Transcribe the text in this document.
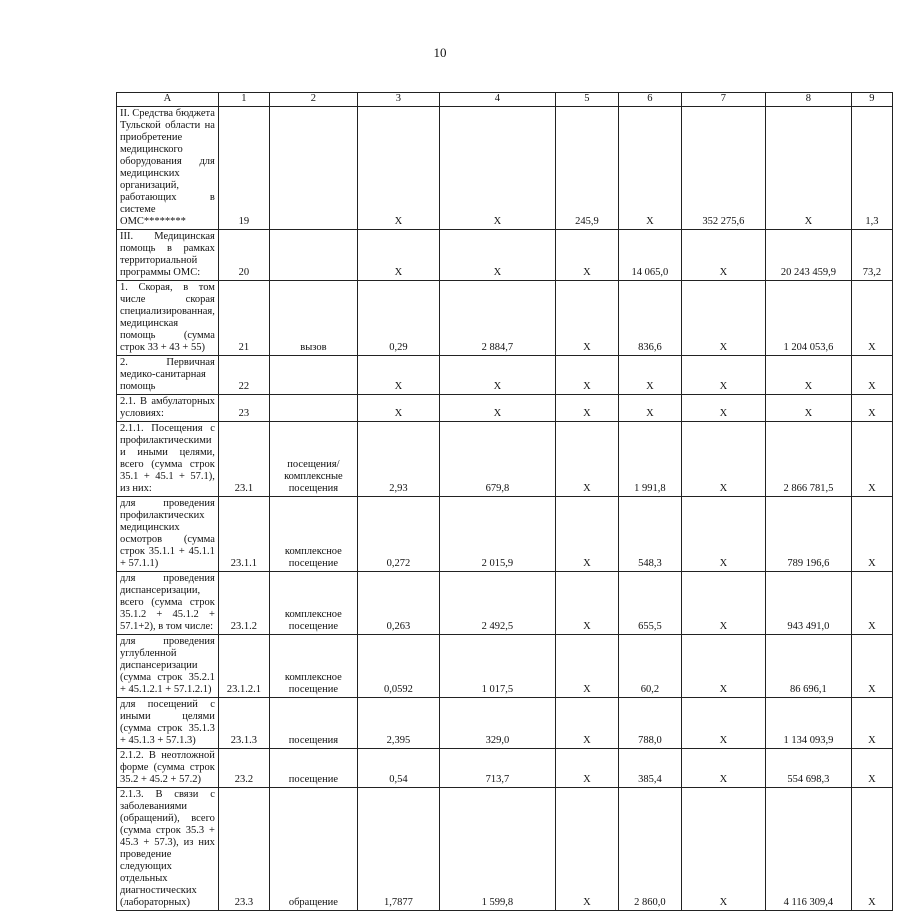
10
А	1	2	3	4	5	6	7	8	9
II. Средства бюджета Тульской области на приобретение медицинского оборудования для медицинских организаций, работающих в системе ОМС********	19		Х	Х	245,9	Х	352 275,6	Х	1,3
III. Медицинская помощь в рамках территориальной программы ОМС:	20		Х	Х	Х	14 065,0	Х	20 243 459,9	73,2
1. Скорая, в том числе скорая специализированная, медицинская помощь (сумма строк 33 + 43 + 55)	21	вызов	0,29	2 884,7	Х	836,6	Х	1 204 053,6	Х
2. Первичная медико-санитарная помощь	22		Х	Х	Х	Х	Х	Х	Х
2.1. В амбулаторных условиях:	23		Х	Х	Х	Х	Х	Х	Х
2.1.1. Посещения с профилактическими и иными целями, всего (сумма строк 35.1 + 45.1 + 57.1), из них:	23.1	посещения/ комплексные посещения	2,93	679,8	Х	1 991,8	Х	2 866 781,5	Х
для проведения профилактических медицинских осмотров (сумма строк 35.1.1 + 45.1.1 + 57.1.1)	23.1.1	комплексное посещение	0,272	2 015,9	Х	548,3	Х	789 196,6	Х
для проведения диспансеризации, всего (сумма строк 35.1.2 + 45.1.2 + 57.1+2), в том числе:	23.1.2	комплексное посещение	0,263	2 492,5	Х	655,5	Х	943 491,0	Х
для проведения углубленной диспансеризации (сумма строк 35.2.1 + 45.1.2.1 + 57.1.2.1)	23.1.2.1	комплексное посещение	0,0592	1 017,5	Х	60,2	Х	86 696,1	Х
для посещений с иными целями (сумма строк 35.1.3 + 45.1.3 + 57.1.3)	23.1.3	посещения	2,395	329,0	Х	788,0	Х	1 134 093,9	Х
2.1.2. В неотложной форме (сумма строк 35.2 + 45.2 + 57.2)	23.2	посещение	0,54	713,7	Х	385,4	Х	554 698,3	Х
2.1.3. В связи с заболеваниями (обращений), всего (сумма строк 35.3 + 45.3 + 57.3), из них проведение следующих отдельных диагностических (лабораторных)	23.3	обращение	1,7877	1 599,8	Х	2 860,0	Х	4 116 309,4	Х
